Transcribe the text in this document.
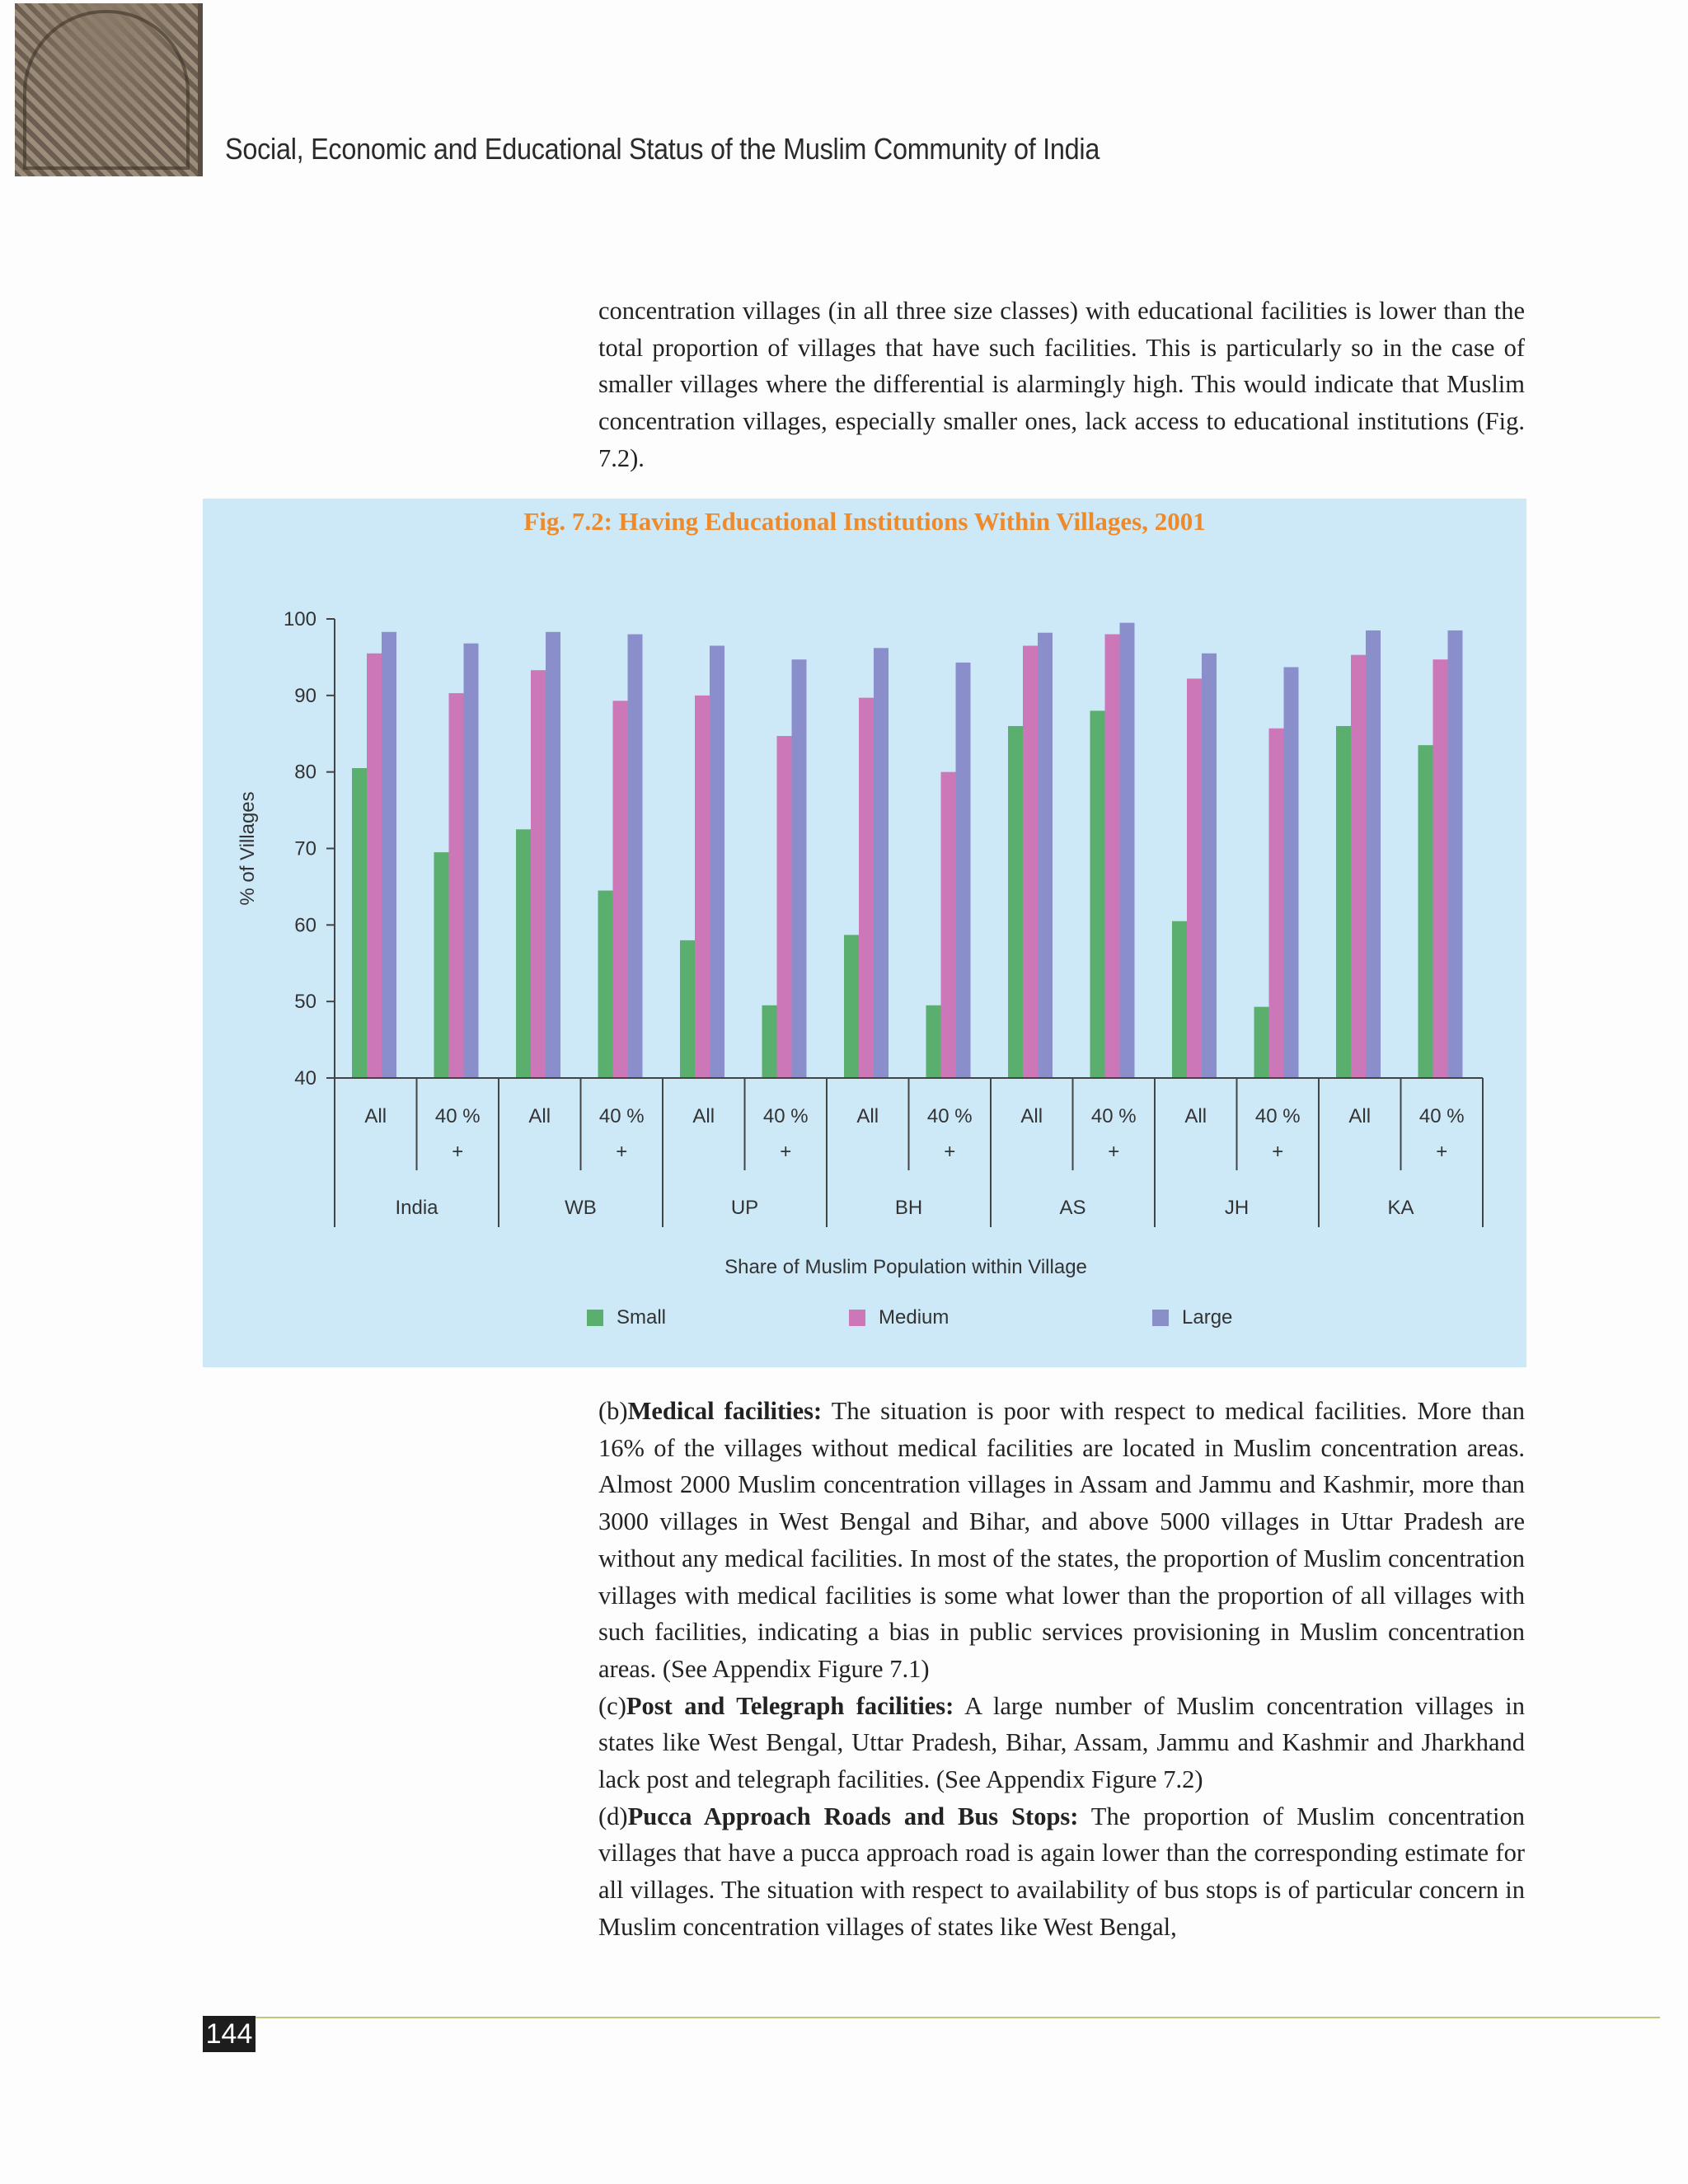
Social, Economic and Educational Status of the Muslim Community of India

concentration villages (in all three size classes) with educational facilities is lower than the total proportion of villages that have such facilities. This is particularly so in the case of smaller villages where the differential is alarmingly high. This would indicate that Muslim concentration villages, especially smaller ones, lack access to educational institutions (Fig. 7.2).

Fig. 7.2: Having Educational Institutions Within Villages, 2001
40
50
60
70
80
90
100
% of Villages
All 40 %
+
All 40 %
+
All 40 %
+
All 40 %
+
All 40 %
+
All 40 %
+
All 40 %
+
India	WB	UP	BH	AS	JH	KA
Share of Muslim Population within Village
Small	Medium	Large

(b)Medical facilities: The situation is poor with respect to medical facilities. More than 16% of the villages without medical facilities are located in Muslim concentration areas. Almost 2000 Muslim concentration villages in Assam and Jammu and Kashmir, more than 3000 villages in West Bengal and Bihar, and above 5000 villages in Uttar Pradesh are without any medical facilities. In most of the states, the proportion of Muslim concentration villages with medical facilities is some what lower than the proportion of all villages with such facilities, indicating a bias in public services provisioning in Muslim concentration areas. (See Appendix Figure 7.1)

(c)Post and Telegraph facilities: A large number of Muslim concentration villages in states like West Bengal, Uttar Pradesh, Bihar, Assam, Jammu and Kashmir and Jharkhand lack post and telegraph facilities. (See Appendix Figure 7.2)

(d)Pucca Approach Roads and Bus Stops: The proportion of Muslim concentration villages that have a pucca approach road is again lower than the corresponding estimate for all villages. The situation with respect to availability of bus stops is of particular concern in Muslim concentration villages of states like West Bengal,

144
